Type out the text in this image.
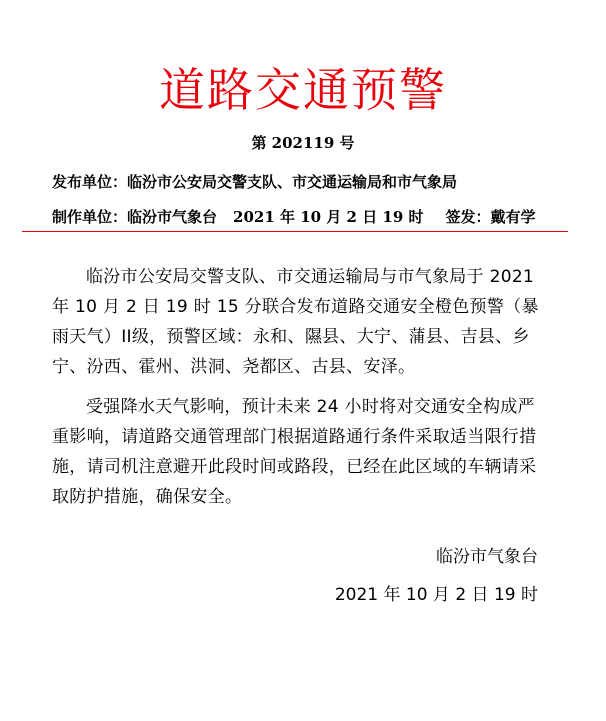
道路交通预警
第 202119 号
发布单位：临汾市公安局交警支队、市交通运输局和市气象局
制作单位：临汾市气象台 2021 年 10 月 2 日 19 时 签发：戴有学

临汾市公安局交警支队、市交通运输局与市气象局于 2021 年 10 月 2 日 19 时 15 分联合发布道路交通安全橙色预警（暴雨天气）II级，预警区域：永和、隰县、大宁、蒲县、吉县、乡宁、汾西、霍州、洪洞、尧都区、古县、安泽。

受强降水天气影响，预计未来 24 小时将对交通安全构成严重影响，请道路交通管理部门根据道路通行条件采取适当限行措施，请司机注意避开此段时间或路段，已经在此区域的车辆请采取防护措施，确保安全。

临汾市气象台
2021 年 10 月 2 日 19 时
